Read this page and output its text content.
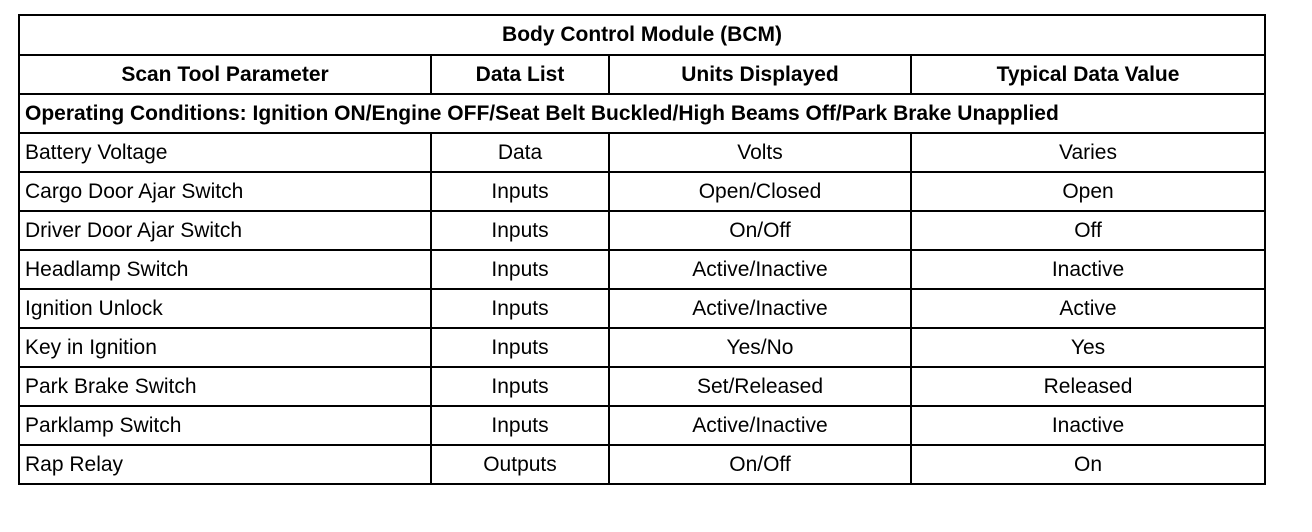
Body Control Module (BCM)			
Scan Tool Parameter	Data List	Units Displayed	Typical Data Value
Operating Conditions: Ignition ON/Engine OFF/Seat Belt Buckled/High Beams Off/Park Brake Unapplied			
Battery Voltage	Data	Volts	Varies
Cargo Door Ajar Switch	Inputs	Open/Closed	Open
Driver Door Ajar Switch	Inputs	On/Off	Off
Headlamp Switch	Inputs	Active/Inactive	Inactive
Ignition Unlock	Inputs	Active/Inactive	Active
Key in Ignition	Inputs	Yes/No	Yes
Park Brake Switch	Inputs	Set/Released	Released
Parklamp Switch	Inputs	Active/Inactive	Inactive
Rap Relay	Outputs	On/Off	On
